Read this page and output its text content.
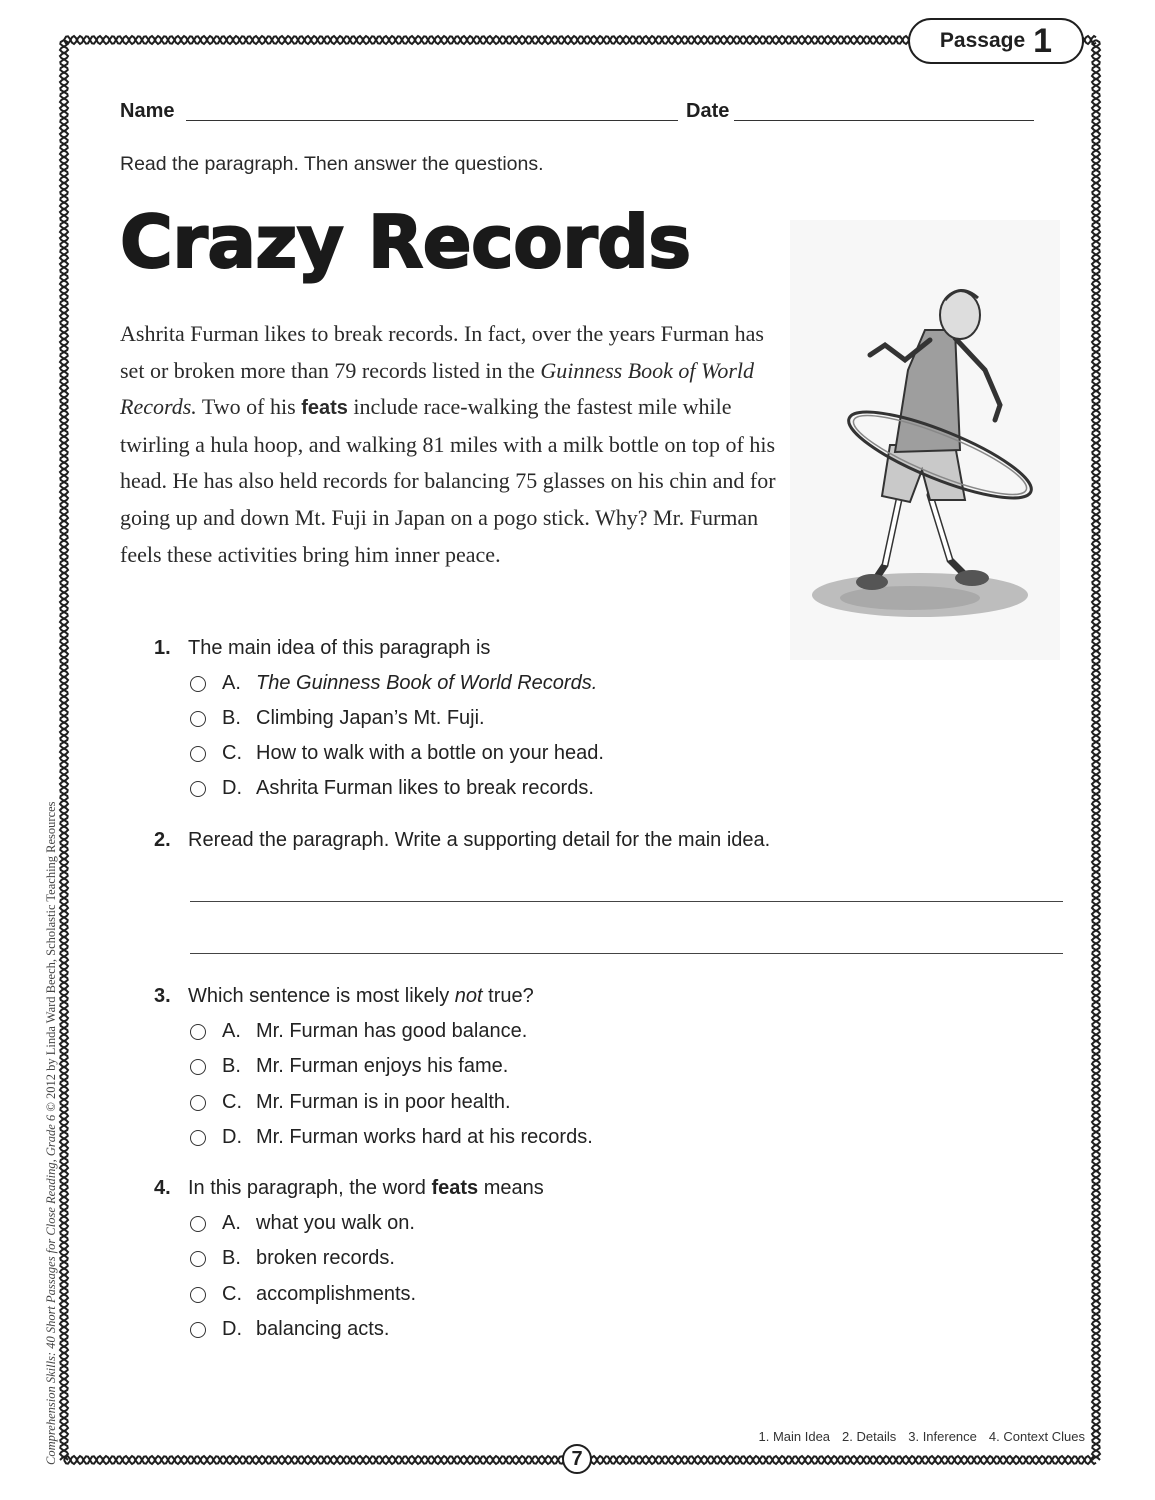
Passage 1
Name	Date
Read the paragraph. Then answer the questions.
Crazy Records
Ashrita Furman likes to break records. In fact, over the years Furman has set or broken more than 79 records listed in the Guinness Book of World Records. Two of his feats include race-walking the fastest mile while twirling a hula hoop, and walking 81 miles with a milk bottle on top of his head. He has also held records for balancing 75 glasses on his chin and for going up and down Mt. Fuji in Japan on a pogo stick. Why? Mr. Furman feels these activities bring him inner peace.
1. The main idea of this paragraph is
A. The Guinness Book of World Records.
B. Climbing Japan’s Mt. Fuji.
C. How to walk with a bottle on your head.
D. Ashrita Furman likes to break records.
2. Reread the paragraph. Write a supporting detail for the main idea.
3. Which sentence is most likely not true?
A. Mr. Furman has good balance.
B. Mr. Furman enjoys his fame.
C. Mr. Furman is in poor health.
D. Mr. Furman works hard at his records.
4. In this paragraph, the word feats means
A. what you walk on.
B. broken records.
C. accomplishments.
D. balancing acts.
1. Main Idea 2. Details 3. Inference 4. Context Clues
7
Comprehension Skills: 40 Short Passages for Close Reading, Grade 6 © 2012 by Linda Ward Beech, Scholastic Teaching Resources
